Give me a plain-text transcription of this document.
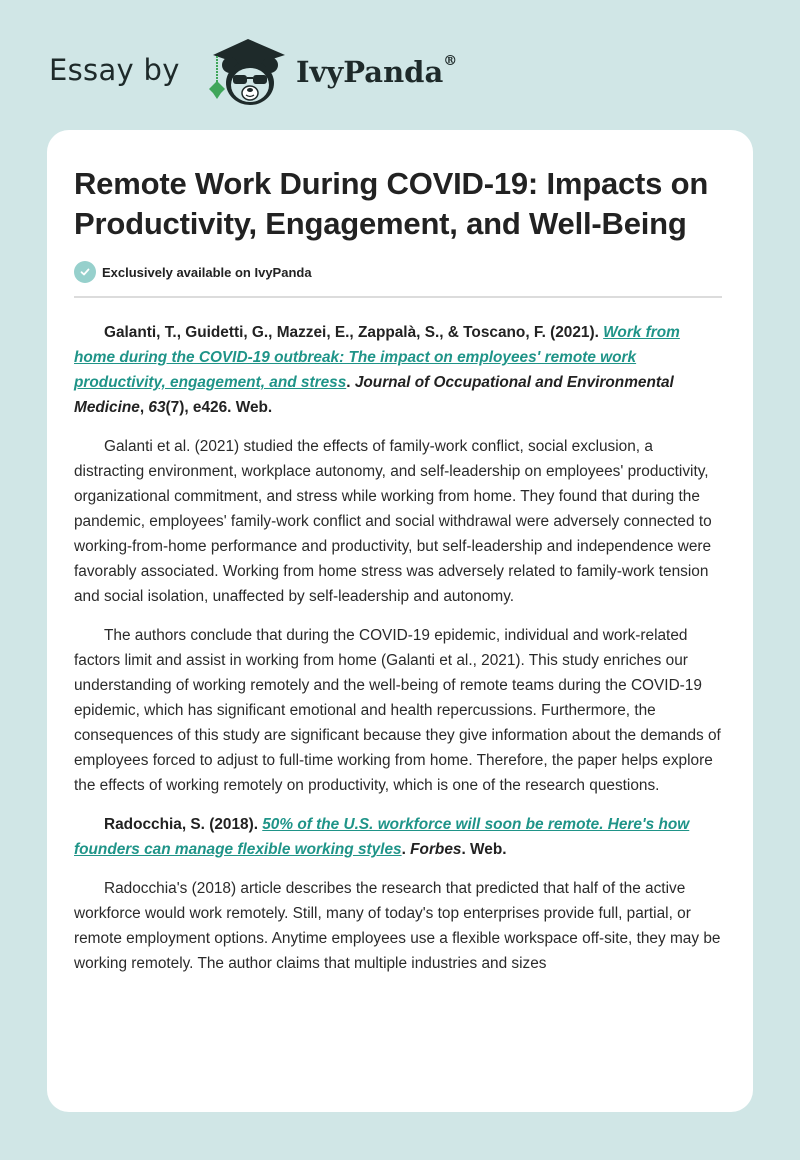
Essay by	IvyPanda®
Remote Work During COVID-19: Impacts on Productivity, Engagement, and Well-Being
Exclusively available on IvyPanda

Galanti, T., Guidetti, G., Mazzei, E., Zappalà, S., & Toscano, F. (2021). Work from home during the COVID-19 outbreak: The impact on employees' remote work productivity, engagement, and stress. Journal of Occupational and Environmental Medicine, 63(7), e426. Web.

Galanti et al. (2021) studied the effects of family-work conflict, social exclusion, a distracting environment, workplace autonomy, and self-leadership on employees' productivity, organizational commitment, and stress while working from home. They found that during the pandemic, employees' family-work conflict and social withdrawal were adversely connected to working-from-home performance and productivity, but self-leadership and independence were favorably associated. Working from home stress was adversely related to family-work tension and social isolation, unaffected by self-leadership and autonomy.

The authors conclude that during the COVID-19 epidemic, individual and work-related factors limit and assist in working from home (Galanti et al., 2021). This study enriches our understanding of working remotely and the well-being of remote teams during the COVID-19 epidemic, which has significant emotional and health repercussions. Furthermore, the consequences of this study are significant because they give information about the demands of employees forced to adjust to full-time working from home. Therefore, the paper helps explore the effects of working remotely on productivity, which is one of the research questions.

Radocchia, S. (2018). 50% of the U.S. workforce will soon be remote. Here's how founders can manage flexible working styles. Forbes. Web.

Radocchia's (2018) article describes the research that predicted that half of the active workforce would work remotely. Still, many of today's top enterprises provide full, partial, or remote employment options. Anytime employees use a flexible workspace off-site, they may be working remotely. The author claims that multiple industries and sizes
